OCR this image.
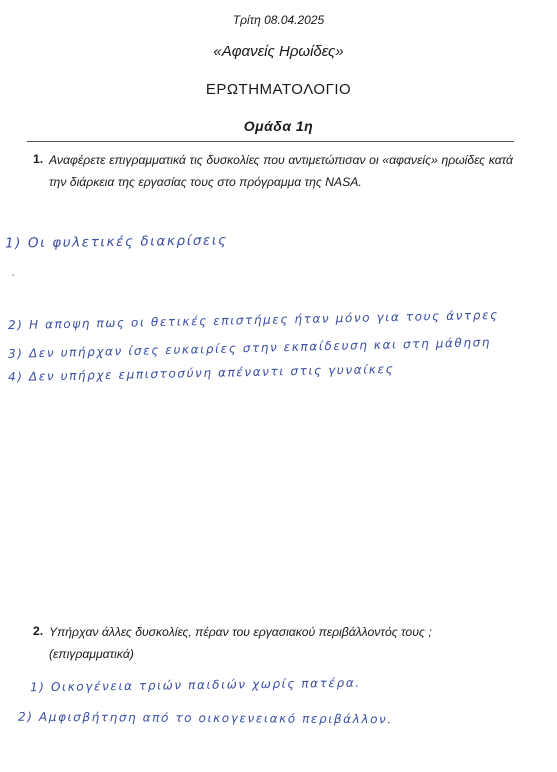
Τρίτη 08.04.2025
«Αφανείς Ηρωίδες»
ΕΡΩΤΗΜΑΤΟΛΟΓΙΟ
Ομάδα 1η
1. Αναφέρετε επιγραμματικά τις δυσκολίες που αντιμετώπισαν οι «αφανείς» ηρωίδες κατά την διάρκεια της εργασίας τους στο πρόγραμμα της NASA.
1) Οι φυλετικές διακρίσεις
.
2) Η αποψη πως οι θετικές επιστήμες ήταν μόνο για τους άντρες
3) Δεν υπήρχαν ίσες ευκαιρίες στην εκπαίδευση και στη μάθηση
4) Δεν υπήρχε εμπιστοσύνη απέναντι στις γυναίκες
2. Υπήρχαν άλλες δυσκολίες, πέραν του εργασιακού περιβάλλοντός τους ; (επιγραμματικά)
1) Οικογένεια τριών παιδιών χωρίς πατέρα.
2) Αμφισβήτηση από το οικογενειακό περιβάλλον.
